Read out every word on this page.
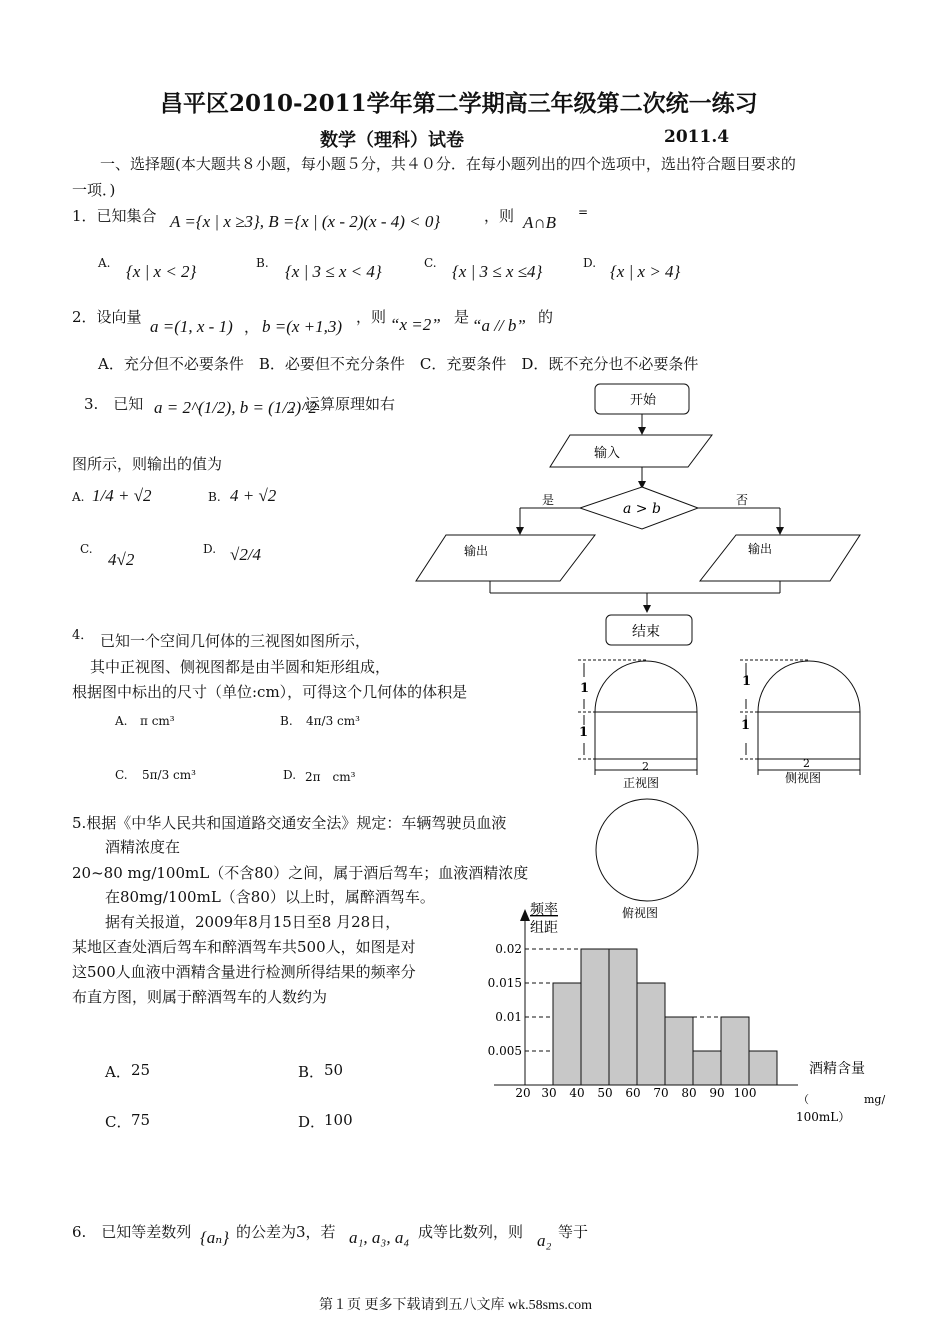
昌平区2010-2011学年第二学期高三年级第二次统一练习
数学（理科）试卷	2011.4
一、选择题(本大题共８小题，每小题５分，共４０分．在每小题列出的四个选项中，选出符合题目要求的
一项．)
1．已知集合 A ={x | x ≥3}, B ={x | (x - 2)(x - 4) < 0}	，则 A∩B
=
A. {x | x < 2}	B. {x | 3 ≤ x < 4}	C. {x | 3 ≤ x ≤4}	D. {x | x > 4}
2．设向量 a =(1, x - 1) ， b =(x +1,3) ，则 “x =2” 是 “a // b” 的
A．充分但不必要条件　B．必要但不充分条件　C．充要条件　D．既不充分也不必要条件
3.　已知 a = 2^(1/2), b = (1/2)^2
，运算原理如右
图所示，则输出的值为
A. 1/4 + √2	B. 4 + √2
C.
4√2
D. √2/4
开始
输入
a > b
是	否
输出	输出
结束
4． 已知一个空间几何体的三视图如图所示，
其中正视图、侧视图都是由半圆和矩形组成，
根据图中标出的尺寸（单位:cm），可得这个几何体的体积是
A. π cm³	B. 4π/3 cm³
C. 5π/3 cm³	D. 2π　cm³
1
1
2
正视图
1
1
2
侧视图
俯视图
5.根据《中华人民共和国道路交通安全法》规定：车辆驾驶员血液
酒精浓度在
20~80 mg/100mL（不含80）之间，属于酒后驾车；血液酒精浓度
在80mg/100mL（含80）以上时，属醉酒驾车。
据有关报道，2009年8月15日至8 月28日，
某地区查处酒后驾车和醉酒驾车共500人，如图是对
这500人血液中酒精含量进行检测所得结果的频率分
布直方图，则属于醉酒驾车的人数约为
A． 25	B． 50
C． 75	D．
100
频率
组距
酒精含量
（　　　　　mg/
100mL）
0.02
0.015
0.01
0.005
20 30 40 50 60 70 80 90 100
6.　已知等差数列 {aₙ} 的公差为3，若 a₁, a₃, a₄ 成等比数列，则 a₂ 等于
第１页 更多下载请到五八文库 wk.58sms.com
